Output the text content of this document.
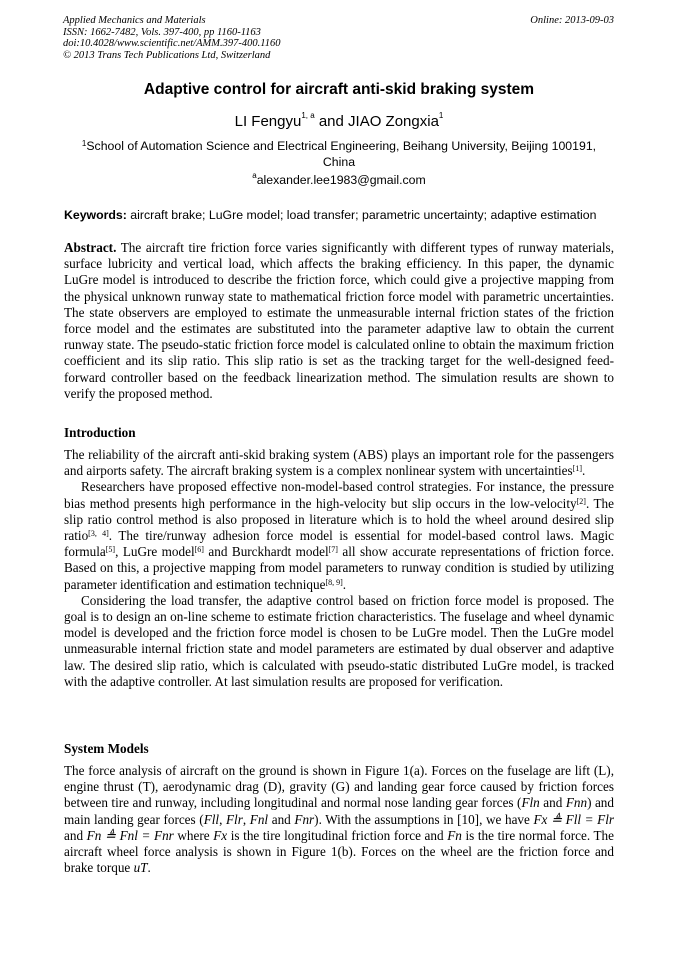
Applied Mechanics and Materials
ISSN: 1662-7482, Vols. 397-400, pp 1160-1163
doi:10.4028/www.scientific.net/AMM.397-400.1160
© 2013 Trans Tech Publications Ltd, Switzerland
Online: 2013-09-03
Adaptive control for aircraft anti-skid braking system
LI Fengyu$^{1, a}$ and JIAO Zongxia$^1$
$^1$School of Automation Science and Electrical Engineering, Beihang University, Beijing 100191, China
$^a$alexander.lee1983@gmail.com
Keywords: aircraft brake; LuGre model; load transfer; parametric uncertainty; adaptive estimation
Abstract. The aircraft tire friction force varies significantly with different types of runway materials, surface lubricity and vertical load, which affects the braking efficiency. In this paper, the dynamic LuGre model is introduced to describe the friction force, which could give a projective mapping from the physical unknown runway state to mathematical friction force model with parametric uncertainties. The state observers are employed to estimate the unmeasurable internal friction states of the friction force model and the estimates are substituted into the parameter adaptive law to obtain the current runway state. The pseudo-static friction force model is calculated online to obtain the maximum friction coefficient and its slip ratio. This slip ratio is set as the tracking target for the well-designed feed-forward controller based on the feedback linearization method. The simulation results are shown to verify the proposed method.
Introduction

The reliability of the aircraft anti-skid braking system (ABS) plays an important role for the passengers and airports safety. The aircraft braking system is a complex nonlinear system with uncertainties[1].

Researchers have proposed effective non-model-based control strategies. For instance, the pressure bias method presents high performance in the high-velocity but slip occurs in the low-velocity[2]. The slip ratio control method is also proposed in literature which is to hold the wheel around desired slip ratio[3, 4]. The tire/runway adhesion force model is essential for model-based control laws. Magic formula[5], LuGre model[6] and Burckhardt model[7] all show accurate representations of friction force. Based on this, a projective mapping from model parameters to runway condition is studied by utilizing parameter identification and estimation technique[8, 9].

Considering the load transfer, the adaptive control based on friction force model is proposed. The goal is to design an on-line scheme to estimate friction characteristics. The fuselage and wheel dynamic model is developed and the friction force model is chosen to be LuGre model. Then the LuGre model unmeasurable internal friction state and model parameters are estimated by dual observer and adaptive law. The desired slip ratio, which is calculated with pseudo-static distributed LuGre model, is tracked with the adaptive controller. At last simulation results are proposed for verification.

System Models

The force analysis of aircraft on the ground is shown in Figure 1(a). Forces on the fuselage are lift (L), engine thrust (T), aerodynamic drag (D), gravity (G) and landing gear force caused by friction forces between tire and runway, including longitudinal and normal nose landing gear forces (Fln and Fnn) and main landing gear forces (Fll, Flr, Fnl and Fnr). With the assumptions in [10], we have Fx ≜ Fll = Flr and Fn ≜ Fnl = Fnr where Fx is the tire longitudinal friction force and Fn is the tire normal force. The aircraft wheel force analysis is shown in Figure 1(b). Forces on the wheel are the friction force and brake torque uT.
